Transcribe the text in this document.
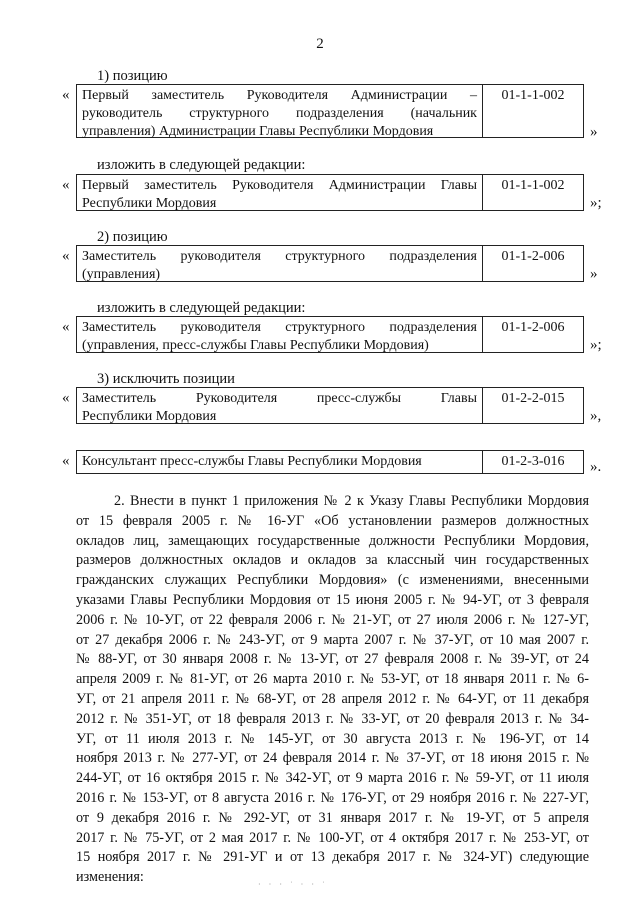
2
1) позицию
« Первый заместитель Руководителя Администрации –
руководитель структурного подразделения (начальник
управления) Администрации Главы Республики Мордовия
01-1-1-002
»
изложить в следующей редакции:
« Первый заместитель Руководителя Администрации Главы
Республики Мордовия
01-1-1-002
»;
2) позицию
« Заместитель руководителя структурного подразделения
(управления)
01-1-2-006
»
изложить в следующей редакции:
« Заместитель руководителя структурного подразделения
(управления, пресс-службы Главы Республики Мордовия)
01-1-2-006
»;
3) исключить позиции
« Заместитель Руководителя пресс-службы Главы
Республики Мордовия
01-2-2-015
»,
« Консультант пресс-службы Главы Республики Мордовия	01-2-3-016	».
2. Внести в пункт 1 приложения № 2 к Указу Главы Республики Мордовия
от 15 февраля 2005 г. № 16-УГ «Об установлении размеров должностных
окладов лиц, замещающих государственные должности Республики Мордовия,
размеров должностных окладов и окладов за классный чин государственных
гражданских служащих Республики Мордовия» (с изменениями, внесенными
указами Главы Республики Мордовия от 15 июня 2005 г. № 94-УГ, от 3 февраля
2006 г. № 10-УГ, от 22 февраля 2006 г. № 21-УГ, от 27 июля 2006 г. № 127-УГ,
от 27 декабря 2006 г. № 243-УГ, от 9 марта 2007 г. № 37-УГ, от 10 мая 2007 г.
№ 88-УГ, от 30 января 2008 г. № 13-УГ, от 27 февраля 2008 г. № 39-УГ, от 24
апреля 2009 г. № 81-УГ, от 26 марта 2010 г. № 53-УГ, от 18 января 2011 г. № 6-
УГ, от 21 апреля 2011 г. № 68-УГ, от 28 апреля 2012 г. № 64-УГ, от 11 декабря
2012 г. № 351-УГ, от 18 февраля 2013 г. № 33-УГ, от 20 февраля 2013 г. № 34-
УГ, от 11 июля 2013 г. № 145-УГ, от 30 августа 2013 г. № 196-УГ, от 14
ноября 2013 г. № 277-УГ, от 24 февраля 2014 г. № 37-УГ, от 18 июня 2015 г. №
244-УГ, от 16 октября 2015 г. № 342-УГ, от 9 марта 2016 г. № 59-УГ, от 11 июля
2016 г. № 153-УГ, от 8 августа 2016 г. № 176-УГ, от 29 ноября 2016 г. № 227-УГ,
от 9 декабря 2016 г. № 292-УГ, от 31 января 2017 г. № 19-УГ, от 5 апреля
2017 г. № 75-УГ, от 2 мая 2017 г. № 100-УГ, от 4 октября 2017 г. № 253-УГ, от
15 ноября 2017 г. № 291-УГ и от 13 декабря 2017 г. № 324-УГ) следующие
изменения:	· · · ˙ · · ˙
